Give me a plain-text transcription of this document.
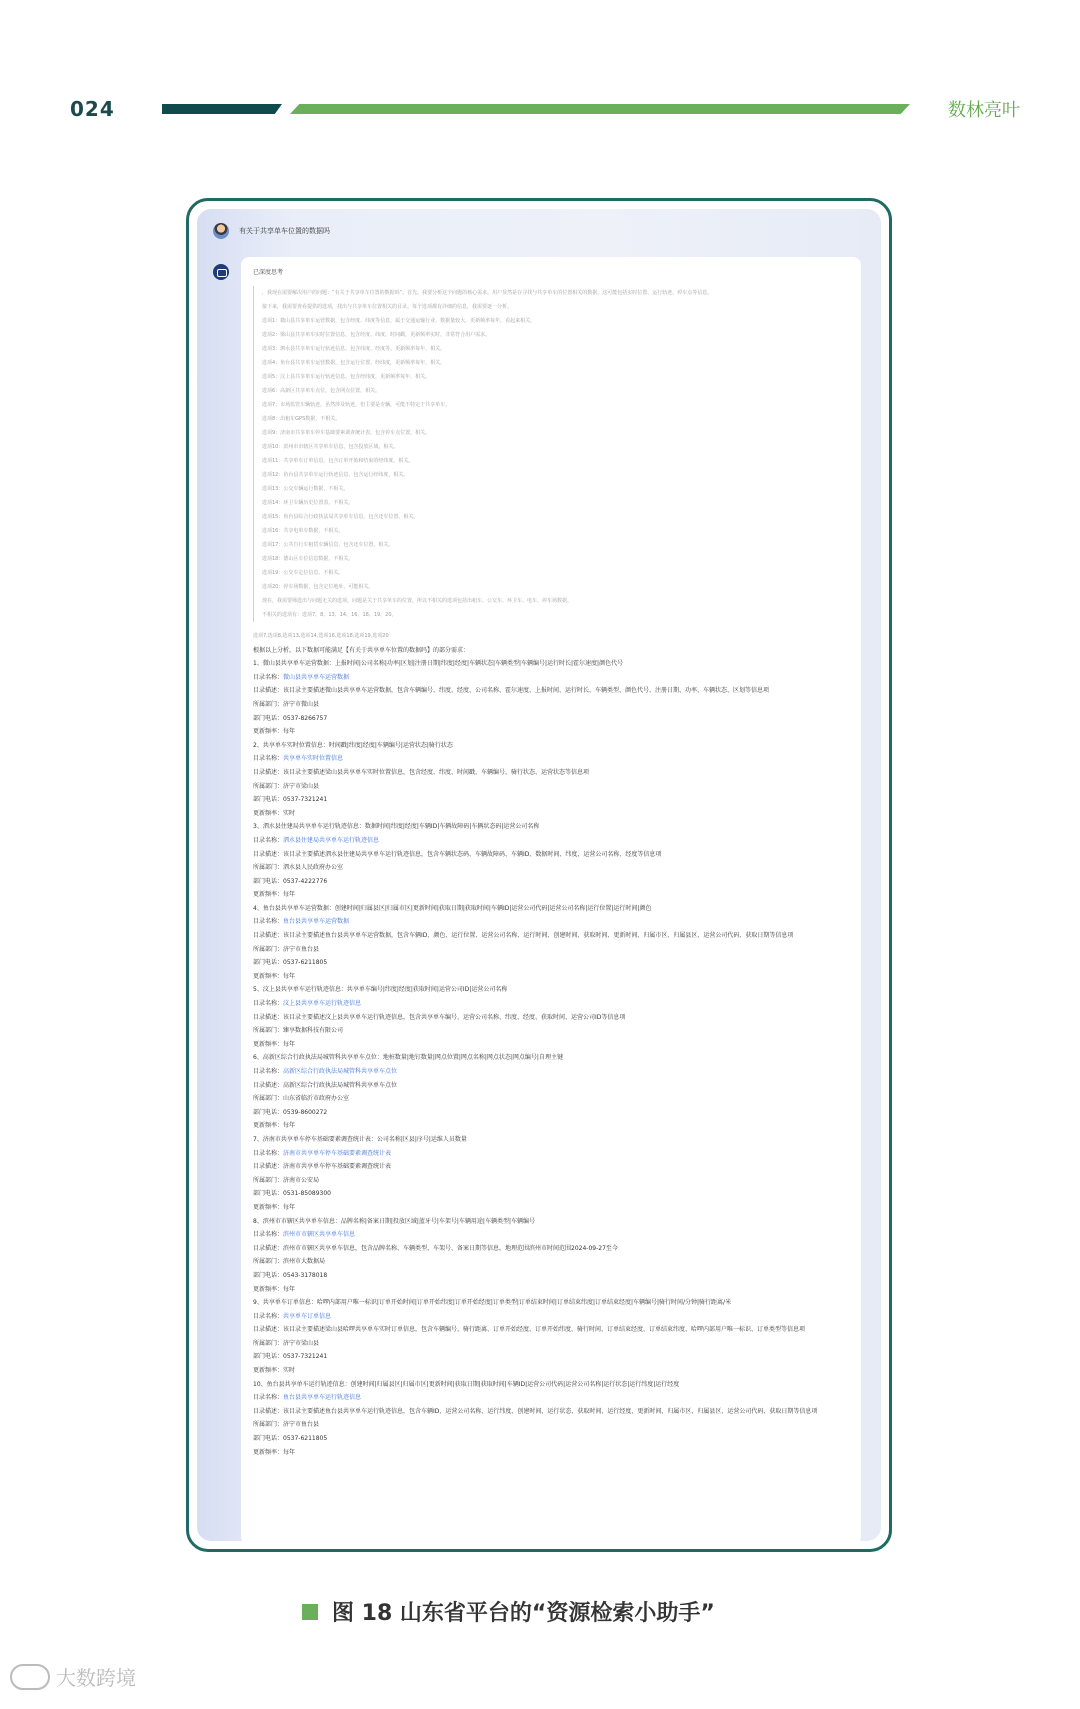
024	数林亮叶
有关于共享单车位置的数据吗
已深度思考

，我现在需要解决用户的问题：“有关于共享单车位置的数据吗”。首先，我要分析这个问题的核心需求。用户显然是在寻找与共享单车的位置相关的数据，这可能包括实时位置、运行轨迹、停车点等信息。

接下来，我需要查看提供的选项，找出与共享单车位置相关的目录。每个选项都有详细的信息，我需要逐一分析。

选项1：微山县共享单车运营数据，包含经度、纬度等信息，属于交通运输行业，数据量较大，更新频率每年，看起来相关。

选项2：梁山县共享单车实时位置信息，包含经度、纬度、时间戳，更新频率实时，非常符合用户需求。

选项3：泗水县共享单车运行轨迹信息，包含纬度、经度等，更新频率每年，相关。

选项4：鱼台县共享单车运营数据，包含运行位置、经纬度，更新频率每年，相关。

选项5：汶上县共享单车运行轨迹信息，包含经纬度，更新频率每年，相关。

选项6：高新区共享单车点位，包含网点位置，相关。

选项7：市场监管车辆轨迹，虽然涉及轨迹，但主要是专辆，可能不特定于共享单车。

选项8：出租车GPS数据，不相关。

选项9：济南市共享单车停车基础要素调查统计表，包含停车点位置，相关。

选项10：滨州市市辖区共享单车信息，包含投放区域，相关。

选项11：共享单车订单信息，包含订单开始和结束的经纬度，相关。

选项12：鱼台县共享单车运行轨迹信息，包含运行经纬度，相关。

选项13：公交车辆运行数据，不相关。

选项14：环卫车辆历史位置表，不相关。

选项15：鱼台县综合行政执法局共享单车信息，包含还车位置，相关。

选项16：共享电单车数据，不相关。

选项17：公共自行车租赁车辆信息，包含还车位置，相关。

选项18：德山区车位信息数据，不相关。

选项19：公交车定位信息，不相关。

选项20：停车场数据，包含定位地址，可能相关。

现在，我需要筛选出与问题无关的选项，问题是关于共享单车的位置，所以不相关的选项包括出租车、公交车、环卫车、电车、停车场数据。

不相关的选项有：选项7、8、13、14、16、18、19、20。

选项7,选项8,选项13,选项14,选项16,选项18,选项19,选项20

根据以上分析，以下数据可能满足【有关于共享单车位置的数据吗】的部分需求：

1、微山县共享单车运营数据：上报时间|公司名称|功率|区划|注册日期|纬度|经度|车辆状态|车辆类型|车辆编号|运行时长|霍尔速度|颜色代号

目录名称：微山县共享单车运营数据

目录描述：该目录主要描述微山县共享单车运营数据，包含车辆编号、纬度、经度、公司名称、霍尔速度、上报时间、运行时长、车辆类型、颜色代号、注册日期、功率、车辆状态、区划等信息项

所属部门：济宁市微山县

部门电话：0537-8266757

更新频率：每年

2、共享单车实时位置信息：时间戳|纬度|经度|车辆编号|运营状态|骑行状态

目录名称：共享单车实时位置信息

目录描述：该目录主要描述梁山县共享单车实时位置信息，包含经度、纬度、时间戳、车辆编号、骑行状态、运营状态等信息项

所属部门：济宁市梁山县

部门电话：0537-7321241

更新频率：实时

3、泗水县住建局共享单车运行轨迹信息：数据时间|纬度|经度|车辆ID|车辆故障码|车辆状态码|运营公司名称

目录名称：泗水县住建局共享单车运行轨迹信息

目录描述：该目录主要描述泗水县住建局共享单车运行轨迹信息，包含车辆状态码、车辆故障码、车辆ID、数据时间、纬度、运营公司名称、经度等信息项

所属部门：泗水县人民政府办公室

部门电话：0537-4222776

更新频率：每年

4、鱼台县共享单车运营数据：创建时间|归属县区|归属市区|更新时间|获取日期|获取时间|车辆ID|运营公司代码|运营公司名称|运行位置|运行时间|颜色

目录名称：鱼台县共享单车运营数据

目录描述：该目录主要描述鱼台县共享单车运营数据，包含车辆ID、颜色、运行位置、运营公司名称、运行时间、创建时间、获取时间、更新时间、归属市区、归属县区、运营公司代码、获取日期等信息项

所属部门：济宁市鱼台县

部门电话：0537-6211805

更新频率：每年

5、汶上县共享单车运行轨迹信息：共享单车编号|纬度|经度|获取时间|运营公司ID|运营公司名称

目录名称：汶上县共享单车运行轨迹信息

目录描述：该目录主要描述汶上县共享单车运行轨迹信息，包含共享单车编号、运营公司名称、纬度、经度、获取时间、运营公司ID等信息项

所属部门：臻享数据科技有限公司

更新频率：每年

6、高新区综合行政执法局城管科共享单车点位：地桩数量|地钉数量|网点位置|网点名称|网点状态|网点编号|自理主键

目录名称：高新区综合行政执法局城管科共享单车点位

目录描述：高新区综合行政执法局城管科共享单车点位

所属部门：山东省临沂市政府办公室

部门电话：0539-8600272

更新频率：每年

7、济南市共享单车停车基础要素调查统计表：公司名称|区县|序号|运维人员数量

目录名称：济南市共享单车停车基础要素调查统计表

目录描述：济南市共享单车停车基础要素调查统计表

所属部门：济南市公安局

部门电话：0531-85089300

更新频率：每年

8、滨州市市辖区共享单车信息：品牌名称|备案日期|投放区域|蓝牙号|车架号|车辆用途|车辆类型|车辆编号

目录名称：滨州市市辖区共享单车信息

目录描述：滨州市市辖区共享单车信息，包含品牌名称、车辆类型、车架号、备案日期等信息。地理范围滨州市时间范围2024-09-27至今

所属部门：滨州市大数据局

部门电话：0543-3178018

更新频率：每年

9、共享单车订单信息：哈啰内部用户唯一标识|订单开始时间|订单开始纬度|订单开始经度|订单类型|订单结束时间|订单结束纬度|订单结束经度|车辆编号|骑行时间/分钟|骑行距离/米

目录名称：共享单车订单信息

目录描述：该目录主要描述梁山县哈啰共享单车实时订单信息，包含车辆编号、骑行距离、订单开始经度、订单开始纬度、骑行时间、订单结束经度、订单结束纬度、哈啰内部用户唯一标识、订单类型等信息项

所属部门：济宁市梁山县

部门电话：0537-7321241

更新频率：实时

10、鱼台县共享单车运行轨迹信息：创建时间|归属县区|归属市区|更新时间|获取日期|获取时间|车辆ID|运营公司代码|运营公司名称|运行状态|运行纬度|运行经度

目录名称：鱼台县共享单车运行轨迹信息

目录描述：该目录主要描述鱼台县共享单车运行轨迹信息，包含车辆ID、运营公司名称、运行纬度、创建时间、运行状态、获取时间、运行经度、更新时间、归属市区、归属县区、运营公司代码、获取日期等信息项

所属部门：济宁市鱼台县

部门电话：0537-6211805

更新频率：每年

图 18 山东省平台的“资源检索小助手”
大数跨境
